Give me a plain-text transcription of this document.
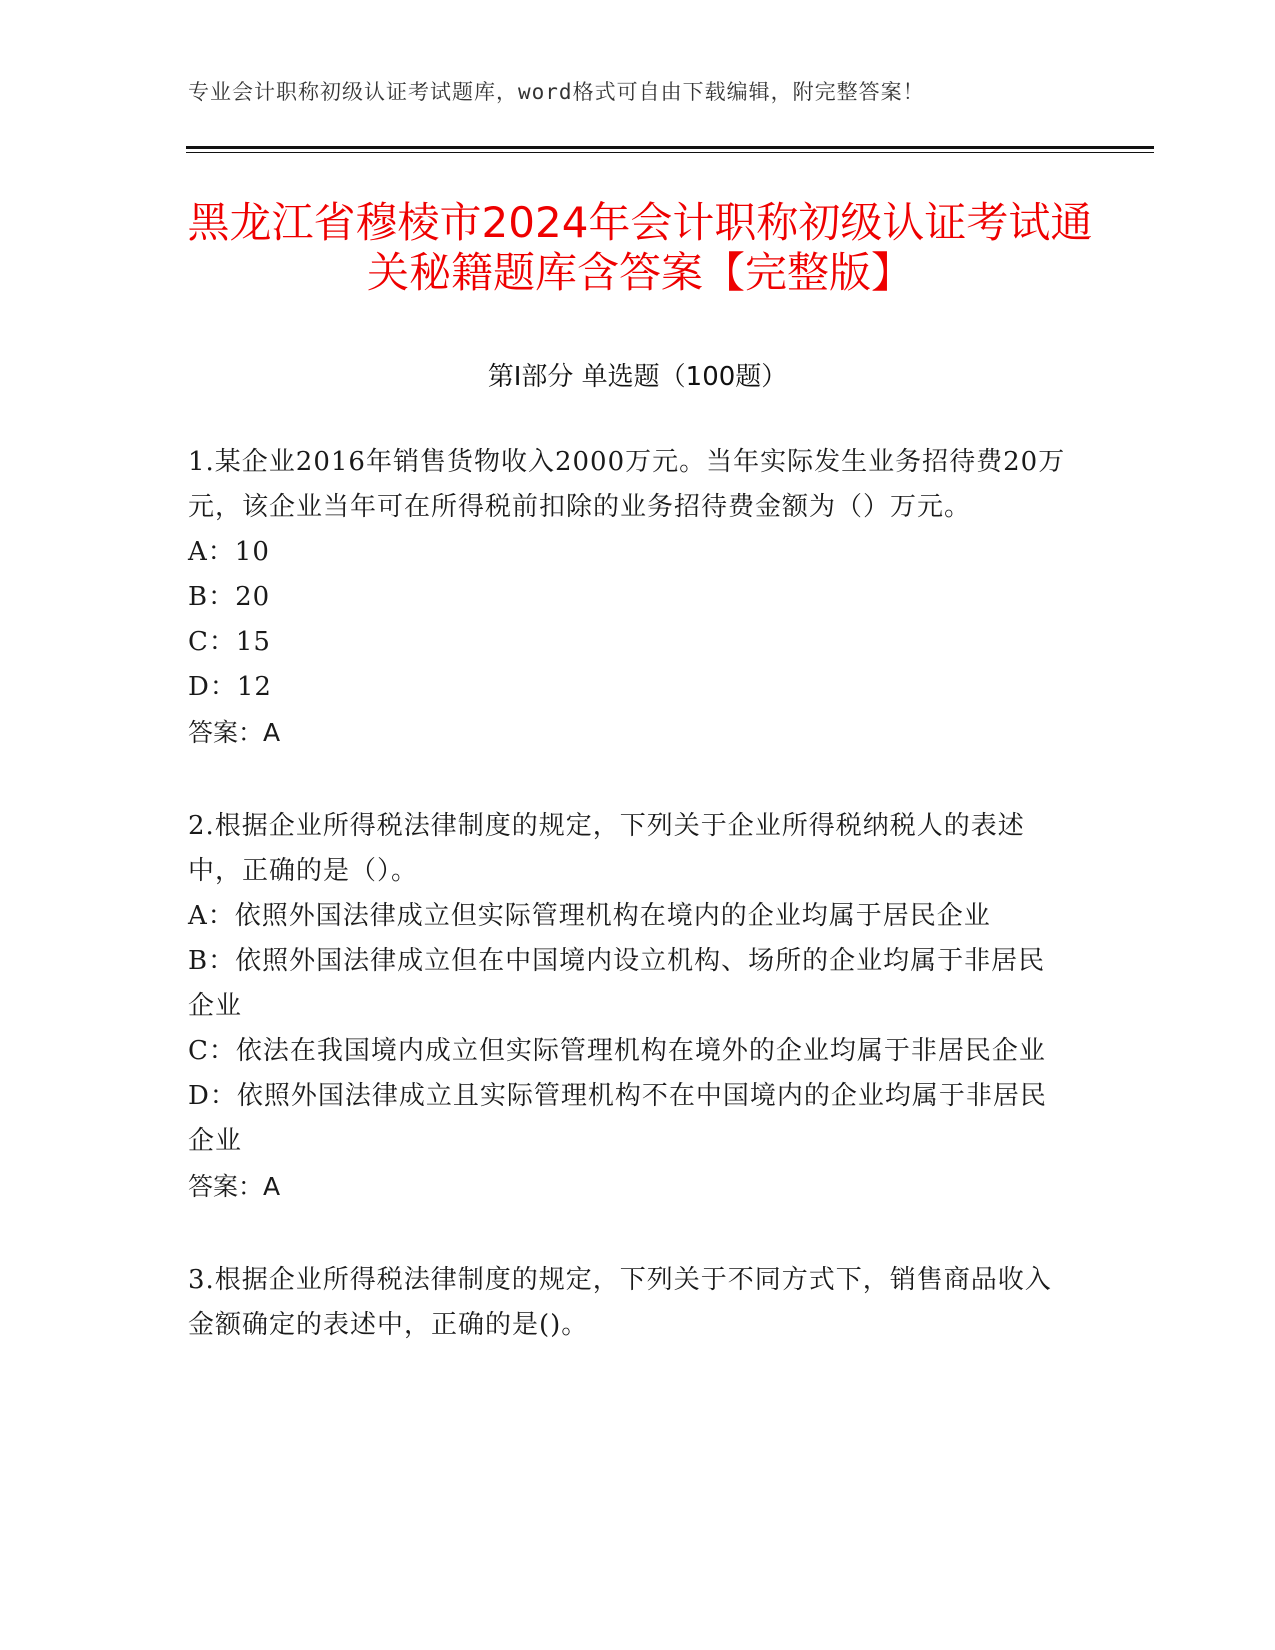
专业会计职称初级认证考试题库，word格式可自由下载编辑，附完整答案！
黑龙江省穆棱市2024年会计职称初级认证考试通关秘籍题库含答案【完整版】
第Ⅰ部分 单选题（100题）

1.某企业2016年销售货物收入2000万元。当年实际发生业务招待费20万元，该企业当年可在所得税前扣除的业务招待费金额为（）万元。

A：10

B：20

C：15

D：12

答案：A

2.根据企业所得税法律制度的规定，下列关于企业所得税纳税人的表述中，正确的是（）。

A：依照外国法律成立但实际管理机构在境内的企业均属于居民企业

B：依照外国法律成立但在中国境内设立机构、场所的企业均属于非居民企业

C：依法在我国境内成立但实际管理机构在境外的企业均属于非居民企业

D：依照外国法律成立且实际管理机构不在中国境内的企业均属于非居民企业

答案：A

3.根据企业所得税法律制度的规定，下列关于不同方式下，销售商品收入金额确定的表述中，正确的是()。
